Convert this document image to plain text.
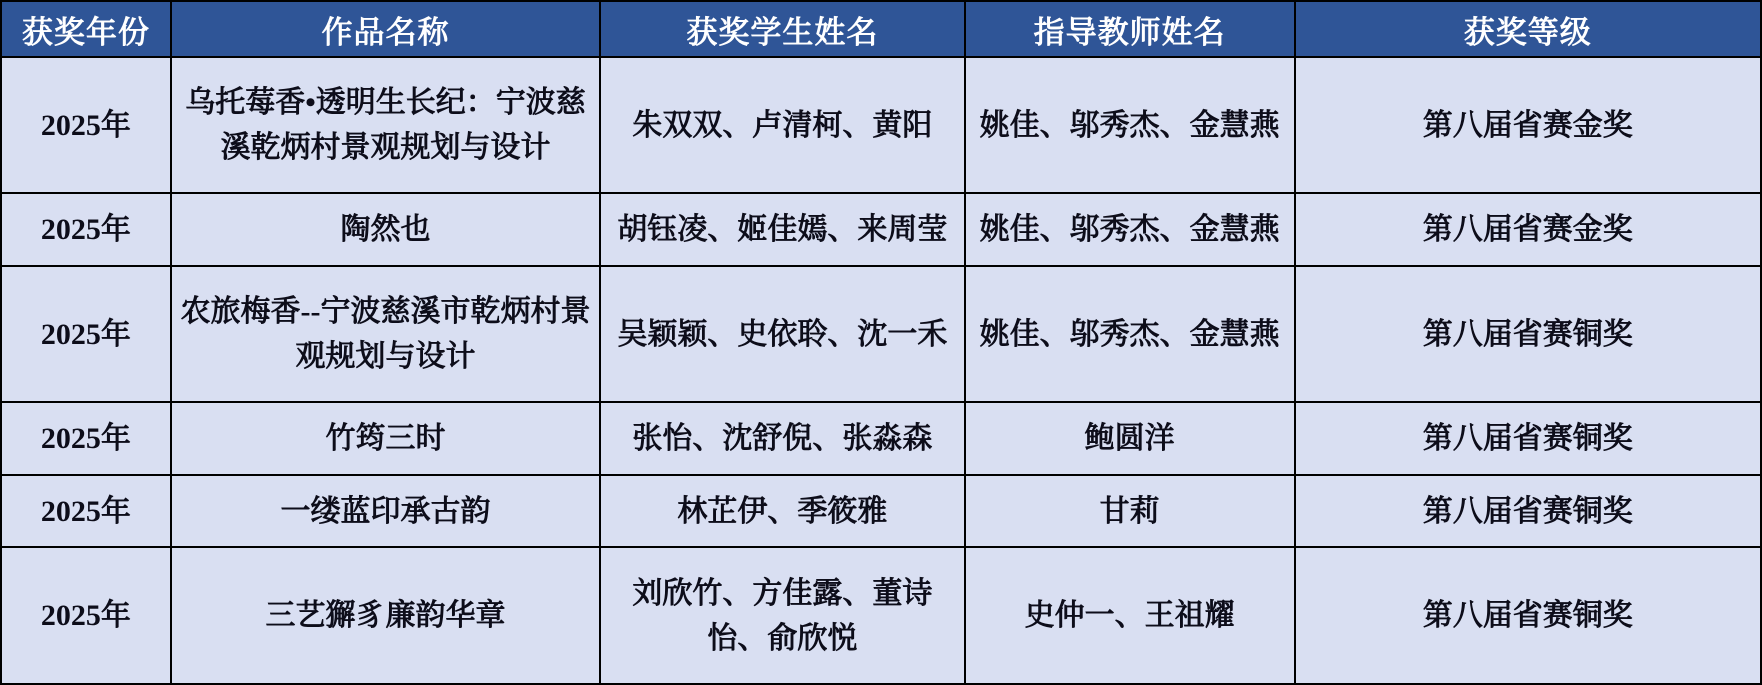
获奖年份	作品名称	获奖学生姓名	指导教师姓名	获奖等级
2025年	乌托莓香•透明生长纪：宁波慈溪乾炳村景观规划与设计	朱双双、卢清柯、黄阳	姚佳、邬秀杰、金慧燕	第八届省赛金奖
2025年	陶然也	胡钰凌、姬佳嫣、来周莹	姚佳、邬秀杰、金慧燕	第八届省赛金奖
2025年	农旅梅香--宁波慈溪市乾炳村景观规划与设计	吴颖颖、史依聆、沈一禾	姚佳、邬秀杰、金慧燕	第八届省赛铜奖
2025年	竹筠三时	张怡、沈舒倪、张淼森	鲍圆洋	第八届省赛铜奖
2025年	一缕蓝印承古韵	林芷伊、季筱雅	甘莉	第八届省赛铜奖
2025年	三艺獬豸廉韵华章	刘欣竹、方佳露、董诗怡、俞欣悦	史仲一、王祖耀	第八届省赛铜奖
